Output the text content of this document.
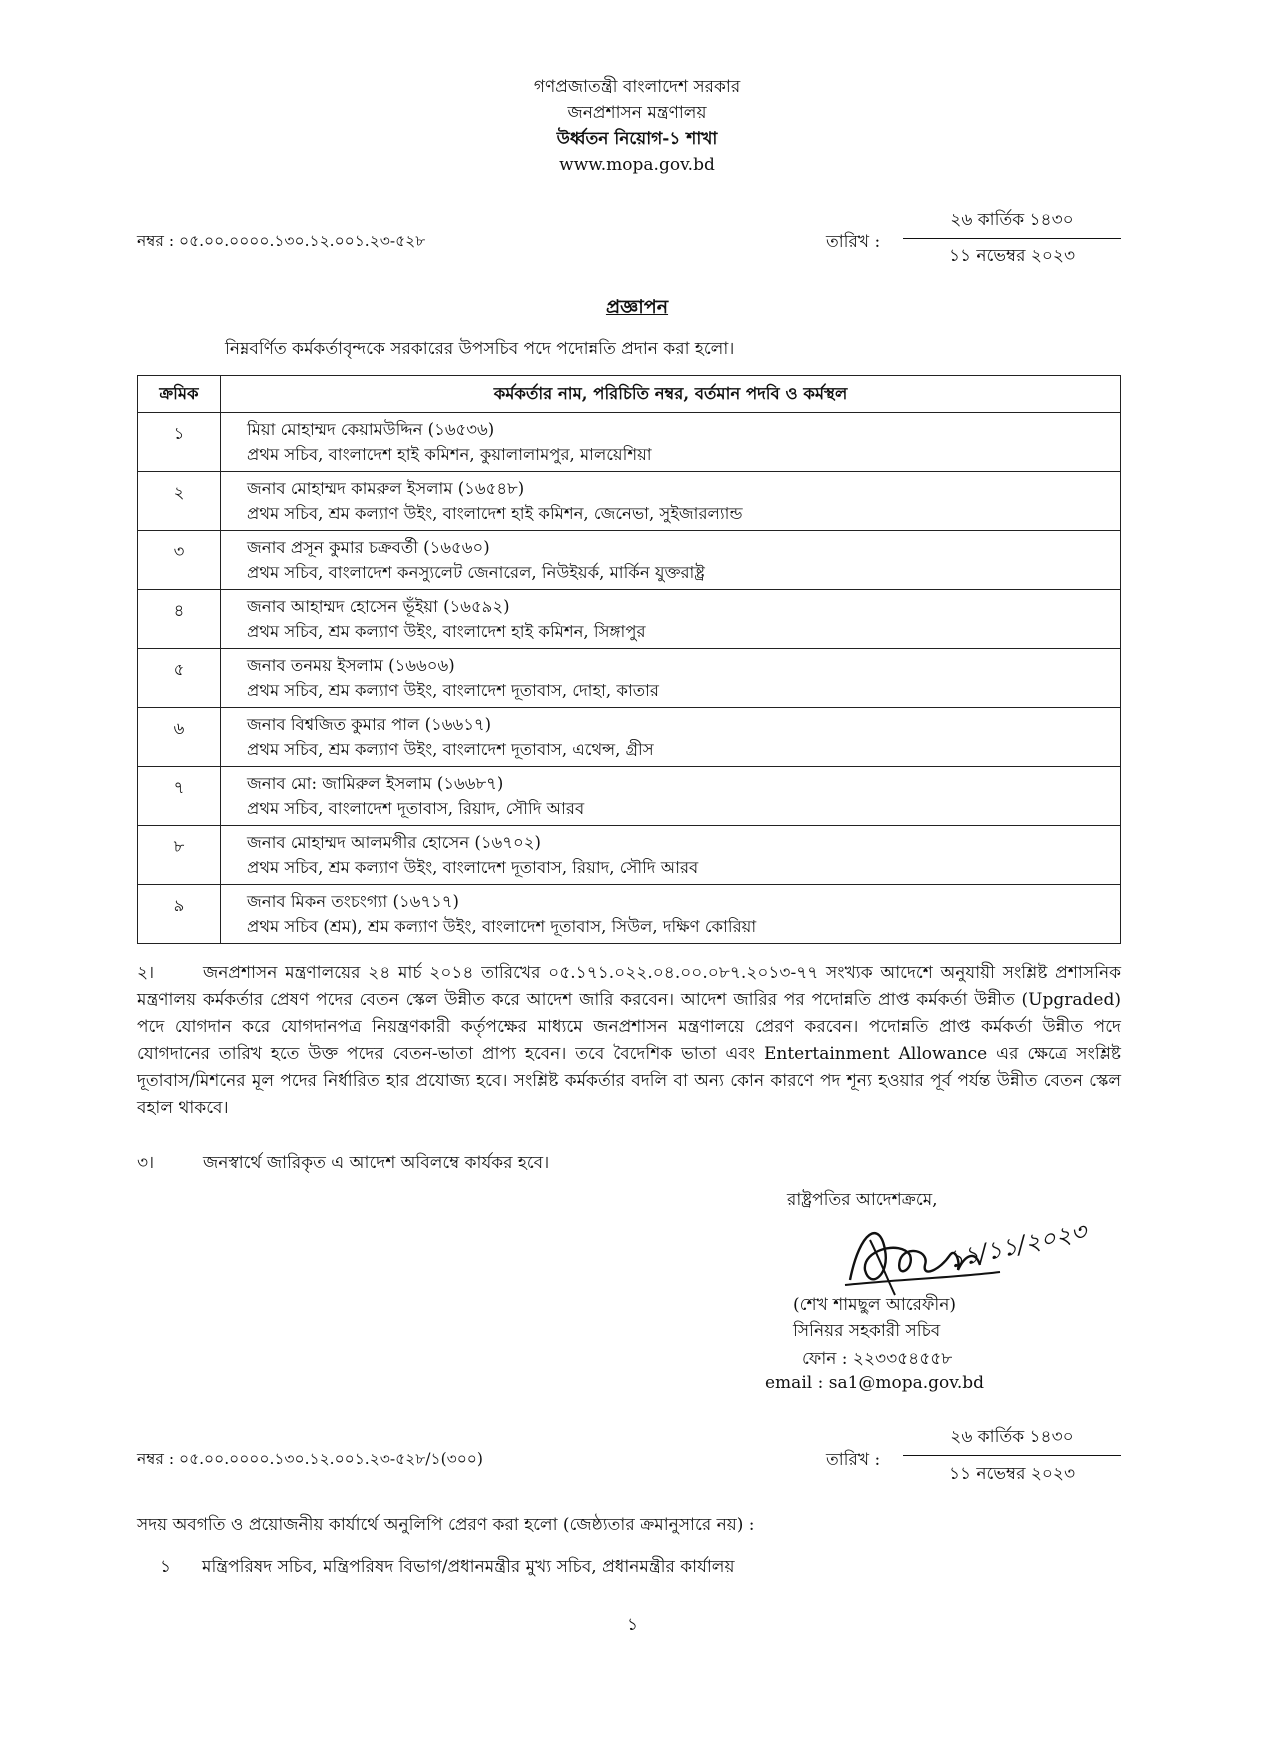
গণপ্রজাতন্ত্রী বাংলাদেশ সরকার
জনপ্রশাসন মন্ত্রণালয়
উর্ধ্বতন নিয়োগ-১ শাখা
www.mopa.gov.bd
নম্বর : ০৫.০০.০০০০.১৩০.১২.০০১.২৩-৫২৮	তারিখ :
২৬ কার্তিক ১৪৩০
১১ নভেম্বর ২০২৩
প্রজ্ঞাপন
নিম্নবর্ণিত কর্মকর্তাবৃন্দকে সরকারের উপসচিব পদে পদোন্নতি প্রদান করা হলো।
ক্রমিক	কর্মকর্তার নাম, পরিচিতি নম্বর, বর্তমান পদবি ও কর্মস্থল
১	মিয়া মোহাম্মদ কেয়ামউদ্দিন (১৬৫৩৬)
প্রথম সচিব, বাংলাদেশ হাই কমিশন, কুয়ালালামপুর, মালয়েশিয়া

২	জনাব মোহাম্মদ কামরুল ইসলাম (১৬৫৪৮)
প্রথম সচিব, শ্রম কল্যাণ উইং, বাংলাদেশ হাই কমিশন, জেনেভা, সুইজারল্যান্ড

৩	জনাব প্রসূন কুমার চক্রবর্তী (১৬৫৬০)
প্রথম সচিব, বাংলাদেশ কনস্যুলেট জেনারেল, নিউইয়র্ক, মার্কিন যুক্তরাষ্ট্র

৪	জনাব আহাম্মদ হোসেন ভূঁইয়া (১৬৫৯২)
প্রথম সচিব, শ্রম কল্যাণ উইং, বাংলাদেশ হাই কমিশন, সিঙ্গাপুর

৫	জনাব তনময় ইসলাম (১৬৬০৬)
প্রথম সচিব, শ্রম কল্যাণ উইং, বাংলাদেশ দূতাবাস, দোহা, কাতার

৬	জনাব বিশ্বজিত কুমার পাল (১৬৬১৭)
প্রথম সচিব, শ্রম কল্যাণ উইং, বাংলাদেশ দূতাবাস, এথেন্স, গ্রীস

৭	জনাব মো: জামিরুল ইসলাম (১৬৬৮৭)
প্রথম সচিব, বাংলাদেশ দূতাবাস, রিয়াদ, সৌদি আরব

৮	জনাব মোহাম্মদ আলমগীর হোসেন (১৬৭০২)
প্রথম সচিব, শ্রম কল্যাণ উইং, বাংলাদেশ দূতাবাস, রিয়াদ, সৌদি আরব

৯	জনাব মিকন তংচংগ্যা (১৬৭১৭)
প্রথম সচিব (শ্রম), শ্রম কল্যাণ উইং, বাংলাদেশ দূতাবাস, সিউল, দক্ষিণ কোরিয়া
২।	জনপ্রশাসন মন্ত্রণালয়ের ২৪ মার্চ ২০১৪ তারিখের ০৫.১৭১.০২২.০৪.০০.০৮৭.২০১৩-৭৭ সংখ্যক আদেশে অনুযায়ী সংশ্লিষ্ট প্রশাসনিক মন্ত্রণালয় কর্মকর্তার প্রেষণ পদের বেতন স্কেল উন্নীত করে আদেশ জারি করবেন। আদেশ জারির পর পদোন্নতি প্রাপ্ত কর্মকর্তা উন্নীত (Upgraded) পদে যোগদান করে যোগদানপত্র নিয়ন্ত্রণকারী কর্তৃপক্ষের মাধ্যমে জনপ্রশাসন মন্ত্রণালয়ে প্রেরণ করবেন। পদোন্নতি প্রাপ্ত কর্মকর্তা উন্নীত পদে যোগদানের তারিখ হতে উক্ত পদের বেতন-ভাতা প্রাপ্য হবেন। তবে বৈদেশিক ভাতা এবং Entertainment Allowance এর ক্ষেত্রে সংশ্লিষ্ট দূতাবাস/মিশনের মূল পদের নির্ধারিত হার প্রযোজ্য হবে। সংশ্লিষ্ট কর্মকর্তার বদলি বা অন্য কোন কারণে পদ শূন্য হওয়ার পূর্ব পর্যন্ত উন্নীত বেতন স্কেল বহাল থাকবে।
৩।	জনস্বার্থে জারিকৃত এ আদেশ অবিলম্বে কার্যকর হবে।
রাষ্ট্রপতির আদেশক্রমে,
১১/১১/২০২৩
(শেখ শামছুল আরেফীন)
সিনিয়র সহকারী সচিব
ফোন : ২২৩৩৫৪৫৫৮
email : sa1@mopa.gov.bd
নম্বর : ০৫.০০.০০০০.১৩০.১২.০০১.২৩-৫২৮/১(৩০০)	তারিখ :
২৬ কার্তিক ১৪৩০
১১ নভেম্বর ২০২৩
সদয় অবগতি ও প্রয়োজনীয় কার্যার্থে অনুলিপি প্রেরণ করা হলো (জেষ্ঠ্যতার ক্রমানুসারে নয়) :
১ মন্ত্রিপরিষদ সচিব, মন্ত্রিপরিষদ বিভাগ/প্রধানমন্ত্রীর মুখ্য সচিব, প্রধানমন্ত্রীর কার্যালয়
১
